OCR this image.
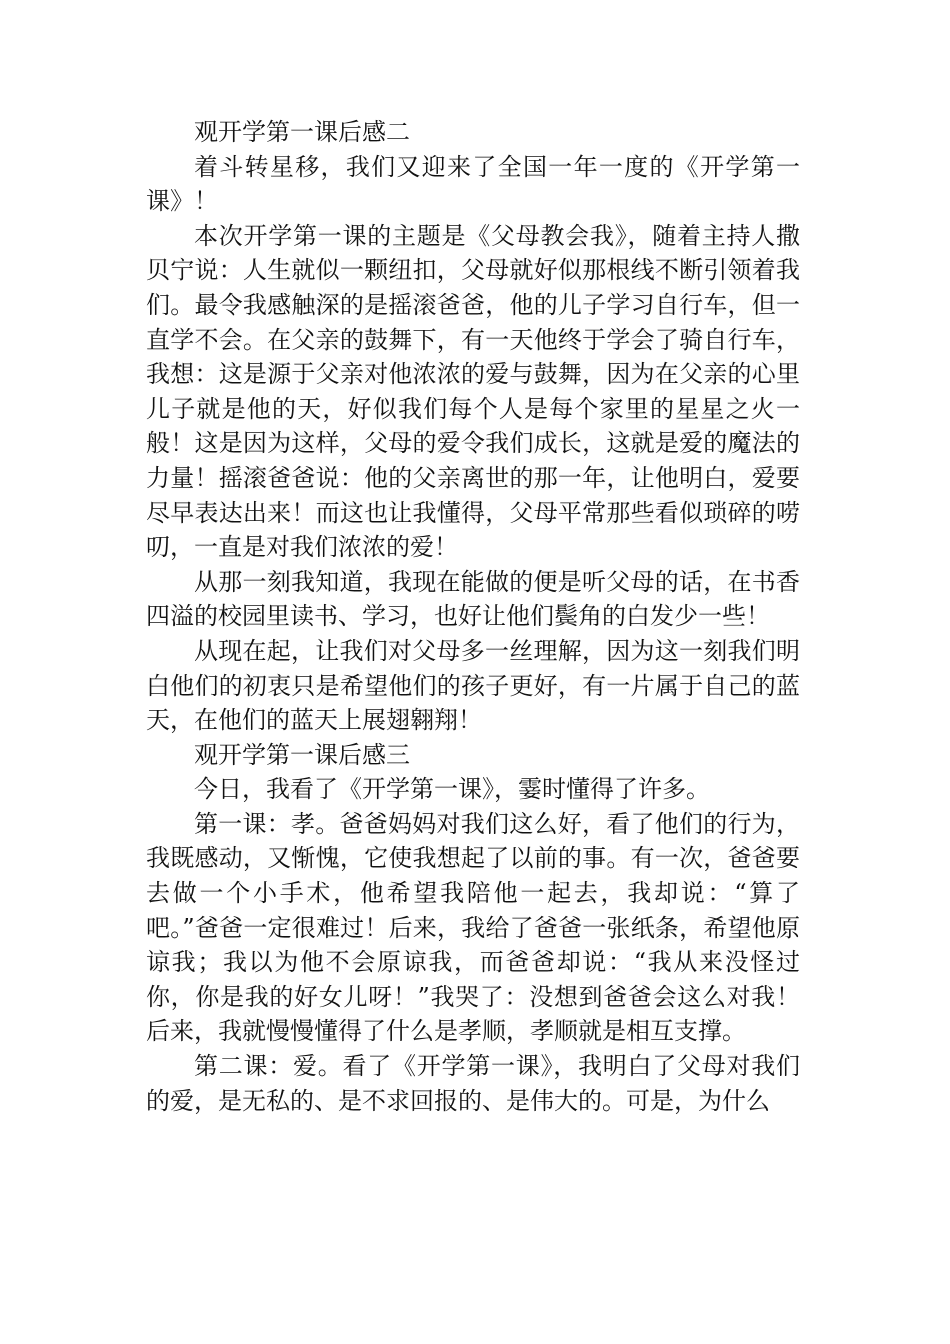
观开学第一课后感二

着斗转星移，我们又迎来了全国一年一度的《开学第一课》！

本次开学第一课的主题是《父母教会我》，随着主持人撒贝宁说：人生就似一颗纽扣，父母就好似那根线不断引领着我们。最令我感触深的是摇滚爸爸，他的儿子学习自行车，但一直学不会。在父亲的鼓舞下，有一天他终于学会了骑自行车，我想：这是源于父亲对他浓浓的爱与鼓舞，因为在父亲的心里儿子就是他的天，好似我们每个人是每个家里的星星之火一般！这是因为这样，父母的爱令我们成长，这就是爱的魔法的力量！摇滚爸爸说：他的父亲离世的那一年，让他明白，爱要尽早表达出来！而这也让我懂得，父母平常那些看似琐碎的唠叨，一直是对我们浓浓的爱！

从那一刻我知道，我现在能做的便是听父母的话，在书香四溢的校园里读书、学习，也好让他们鬓角的白发少一些！

从现在起，让我们对父母多一丝理解，因为这一刻我们明白他们的初衷只是希望他们的孩子更好，有一片属于自己的蓝天，在他们的蓝天上展翅翱翔！

观开学第一课后感三

今日，我看了《开学第一课》，霎时懂得了许多。

第一课：孝。爸爸妈妈对我们这么好，看了他们的行为，我既感动，又惭愧，它使我想起了以前的事。有一次，爸爸要去做一个小手术，他希望我陪他一起去，我却说：“算了吧。”爸爸一定很难过！后来，我给了爸爸一张纸条，希望他原谅我；我以为他不会原谅我，而爸爸却说：“我从来没怪过你，你是我的好女儿呀！”我哭了：没想到爸爸会这么对我！后来，我就慢慢懂得了什么是孝顺，孝顺就是相互支撑。

第二课：爱。看了《开学第一课》，我明白了父母对我们的爱，是无私的、是不求回报的、是伟大的。可是，为什么
